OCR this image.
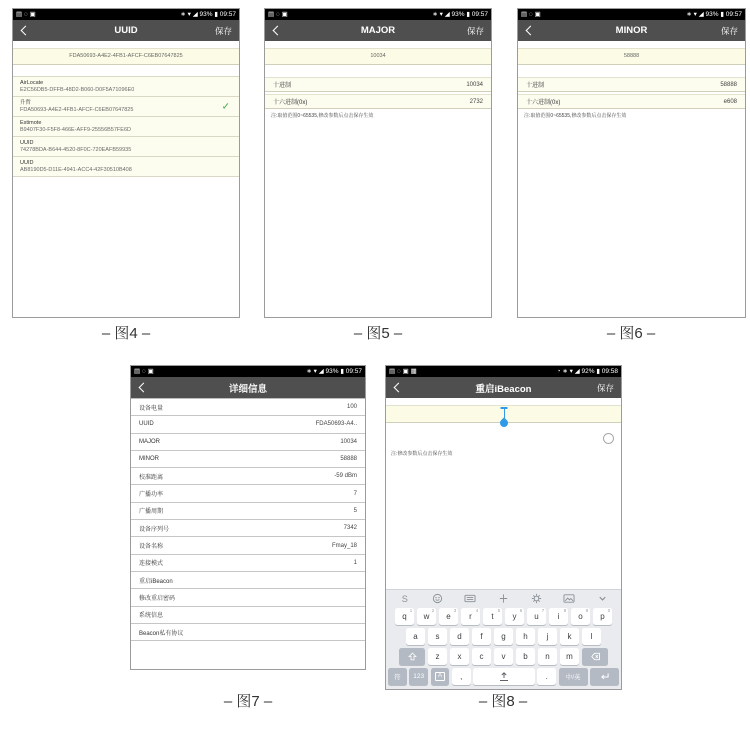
▤ ◌ ▣	∗ ▾ ◢ 93% ▮ 09:57
UUID	保存
FDA50693-A4E2-4FB1-AFCF-C6EB07647825
AirLocate
E2C56DB5-DFFB-48D2-B060-D0F5A71096E0
升哲
FDA50693-A4E2-4FB1-AFCF-C6EB07647825	✓
Estimote
B9407F30-F5F8-466E-AFF9-25556B57FE6D
UUID
74278BDA-B644-4520-8F0C-720EAFB59935
UUID
AB8190D5-D11E-4941-ACC4-42F30510B408
▤ ◌ ▣	∗ ▾ ◢ 93% ▮ 09:57
MAJOR	保存
10034
十进制	10034
十六进制(0x)	2732
注:取值范围0~65535,修改参数后点击保存生效
▤ ◌ ▣	∗ ▾ ◢ 93% ▮ 09:57
MINOR	保存
58888
十进制	58888
十六进制(0x)	e608
注:取值范围0~65535,修改参数后点击保存生效
▤ ◌ ▣	∗ ▾ ◢ 93% ▮ 09:57
详细信息
设备电量	100
UUID	FDA50693-A4..
MAJOR	10034
MINOR	58888
校准距离	-59 dBm
广播功率	7
广播周期	5
设备序列号	7342
设备名称	Fmay_18
连接模式	1
重启iBeacon
修改重启密码
系统信息
Beacon私有协议
▤ ◌ ▣ ▦	◔ ∗ ▾ ◢ 92% ▮ 09:58
重启iBeacon	保存
注:修改参数后点击保存生效
S
q
1
w
2
e
3
r
4
t
5
y
6
u
7
i
8
o
9
p
0
a s d f g h j k l
z x c v b n m
符 123	A	,	.	中/英
– 图4 –	– 图5 –	– 图6 –
– 图7 –	– 图8 –
